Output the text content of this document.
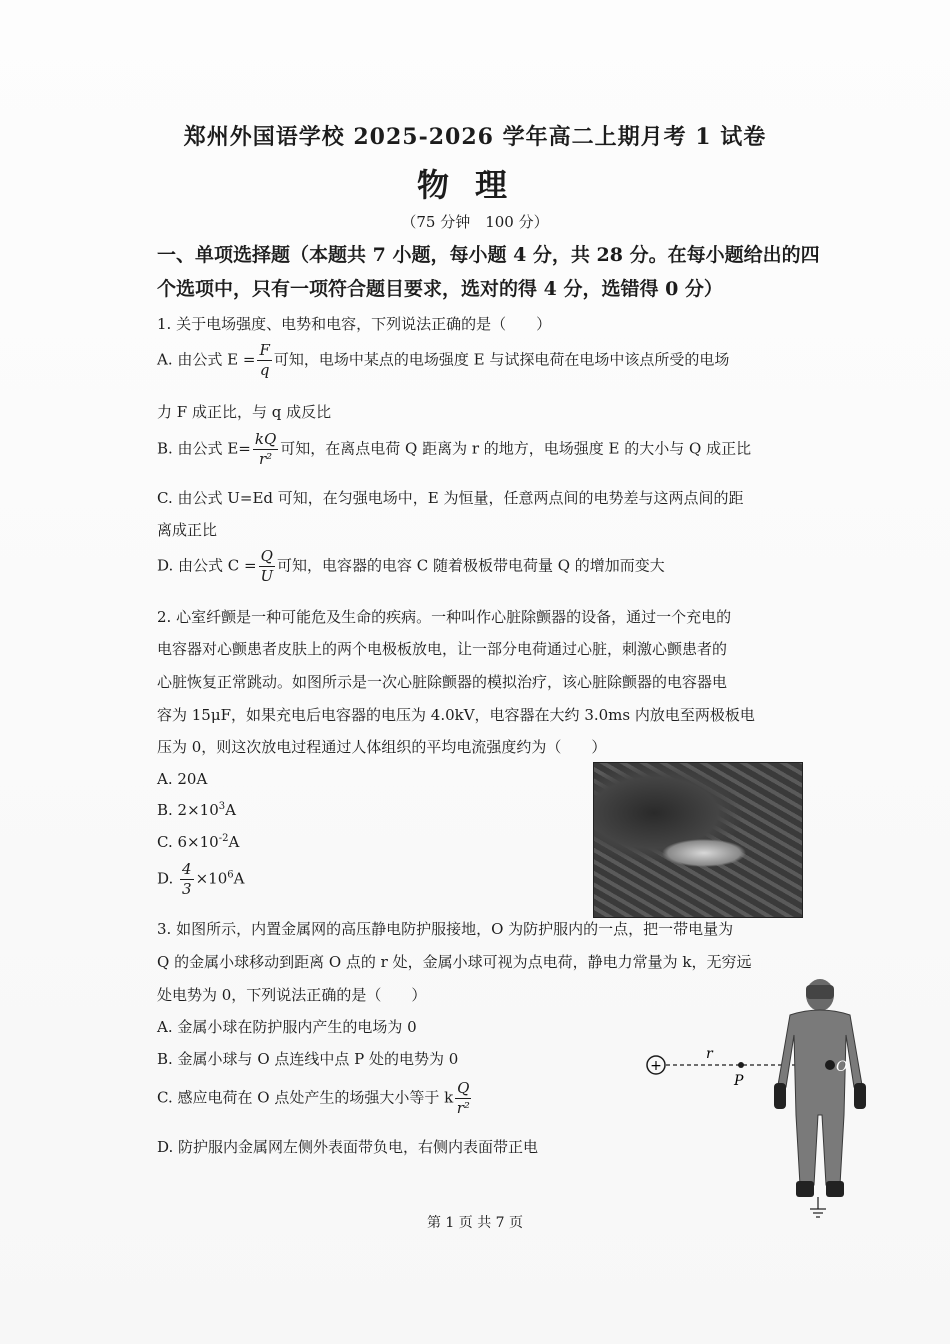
郑州外国语学校 2025-2026 学年高二上期月考 1 试卷
物理
（75 分钟　100 分）
一、单项选择题（本题共 7 小题，每小题 4 分，共 28 分。在每小题给出的四
个选项中，只有一项符合题目要求，选对的得 4 分，选错得 0 分）
1. 关于电场强度、电势和电容，下列说法正确的是（　　）
A. 由公式 $E = \frac{F}{q}$ 可知，电场中某点的电场强度 E 与试探电荷在电场中该点所受的电场
力 F 成正比，与 q 成反比
B. 由公式 $E= \frac{kQ}{\text{r²}}$ 可知，在离点电荷 Q 距离为 r 的地方，电场强度 E 的大小与 Q 成正比
C. 由公式 U=Ed 可知，在匀强电场中，E 为恒量，任意两点间的电势差与这两点间的距
离成正比
D. 由公式 $C = \frac{Q}{U}$ 可知，电容器的电容 C 随着极板带电荷量 Q 的增加而变大
2. 心室纤颤是一种可能危及生命的疾病。一种叫作心脏除颤器的设备，通过一个充电的
电容器对心颤患者皮肤上的两个电极板放电，让一部分电荷通过心脏，刺激心颤患者的
心脏恢复正常跳动。如图所示是一次心脏除颤器的模拟治疗，该心脏除颤器的电容器电
容为 15μF，如果充电后电容器的电压为 4.0kV，电容器在大约 3.0ms 内放电至两极板电
压为 0，则这次放电过程通过人体组织的平均电流强度约为（　　）
A. 20A
B. $2\times 10^3A$
C. $6\times 10^{-2}A$
D. $\frac{4}{3} \times 10^6A$
3. 如图所示，内置金属网的高压静电防护服接地，O 为防护服内的一点，把一带电量为
Q 的金属小球移动到距离 O 点的 r 处，金属小球可视为点电荷，静电力常量为 k，无穷远
处电势为 0，下列说法正确的是（　　）
A. 金属小球在防护服内产生的电场为 0
B. 金属小球与 O 点连线中点 P 处的电势为 0
C. 感应电荷在 O 点处产生的场强大小等于 k $\frac{Q}{\text{r²}}$
D. 防护服内金属网左侧外表面带负电，右侧内表面带正电
+
r
P
O
第 1 页 共 7 页
